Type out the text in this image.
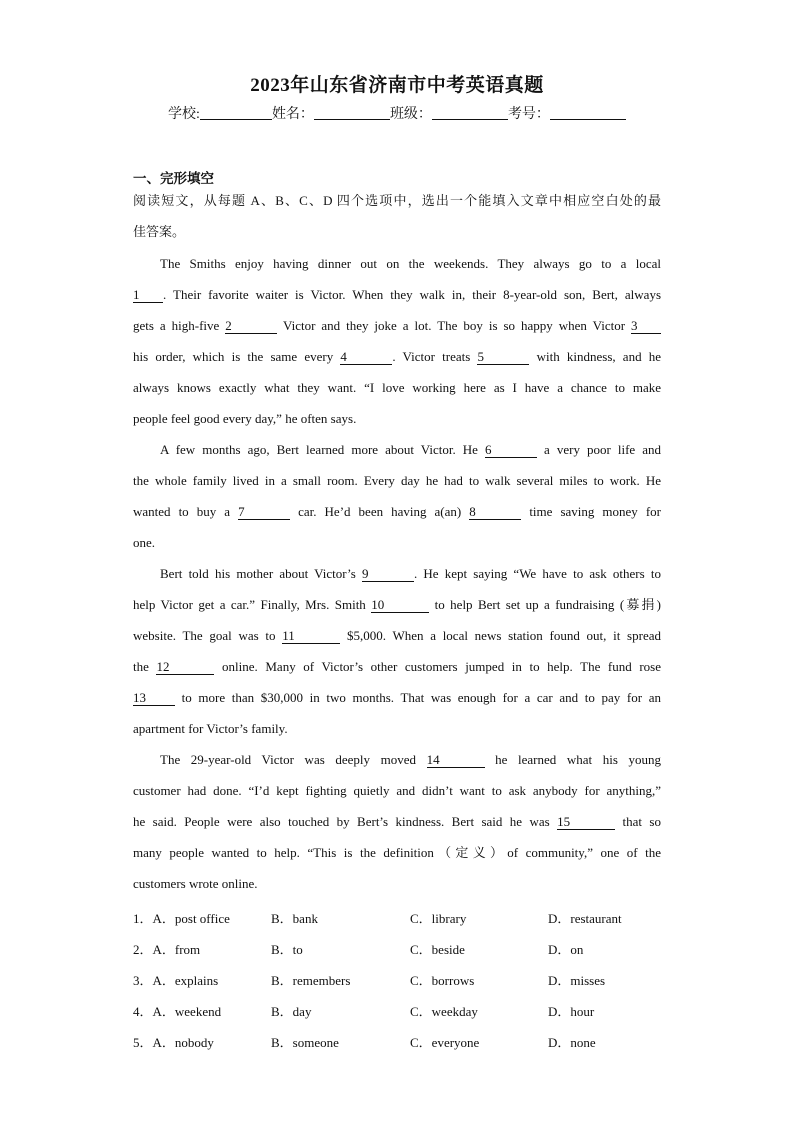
2023年山东省济南市中考英语真题
学校:	姓名：	班级：	考号：
一、完形填空
阅读短文，从每题 A、B、C、D 四个选项中，选出一个能填入文章中相应空白处的最
佳答案。
The Smiths enjoy having dinner out on the weekends. They always go to a local
1 . Their favorite waiter is Victor. When they walk in, their 8-year-old son, Bert, always
gets a high-five 2	Victor and they joke a lot. The boy is so happy when Victor 3
his order, which is the same every 4	. Victor treats 5	with kindness, and he
always knows exactly what they want. “I love working here as I have a chance to make
people feel good every day,” he often says.
A few months ago, Bert learned more about Victor. He 6	a very poor life and
the whole family lived in a small room. Every day he had to walk several miles to work. He
wanted to buy a 7	car. He’d been having a(an) 8	time saving money for
one.
Bert told his mother about Victor’s 9	. He kept saying “We have to ask others to
help Victor get a car.” Finally, Mrs. Smith 10	to help Bert set up a fundraising (募捐)
website. The goal was to 11	$5,000. When a local news station found out, it spread
the 12	online. Many of Victor’s other customers jumped in to help. The fund rose
13 to more than $30,000 in two months. That was enough for a car and to pay for an
apartment for Victor’s family.
The 29-year-old Victor was deeply moved 14	he learned what his young
customer had done. “I’d kept fighting quietly and didn’t want to ask anybody for anything,”
he said. People were also touched by Bert’s kindness. Bert said he was 15	that so
many people wanted to help. “This is the definition（定义）of community,” one of the
customers wrote online.
1．A．post office	B．bank	C．library	D．restaurant
2．A．from	B．to	C．beside	D．on
3．A．explains	B．remembers	C．borrows	D．misses
4．A．weekend	B．day	C．weekday	D．hour
5．A．nobody	B．someone	C．everyone	D．none
